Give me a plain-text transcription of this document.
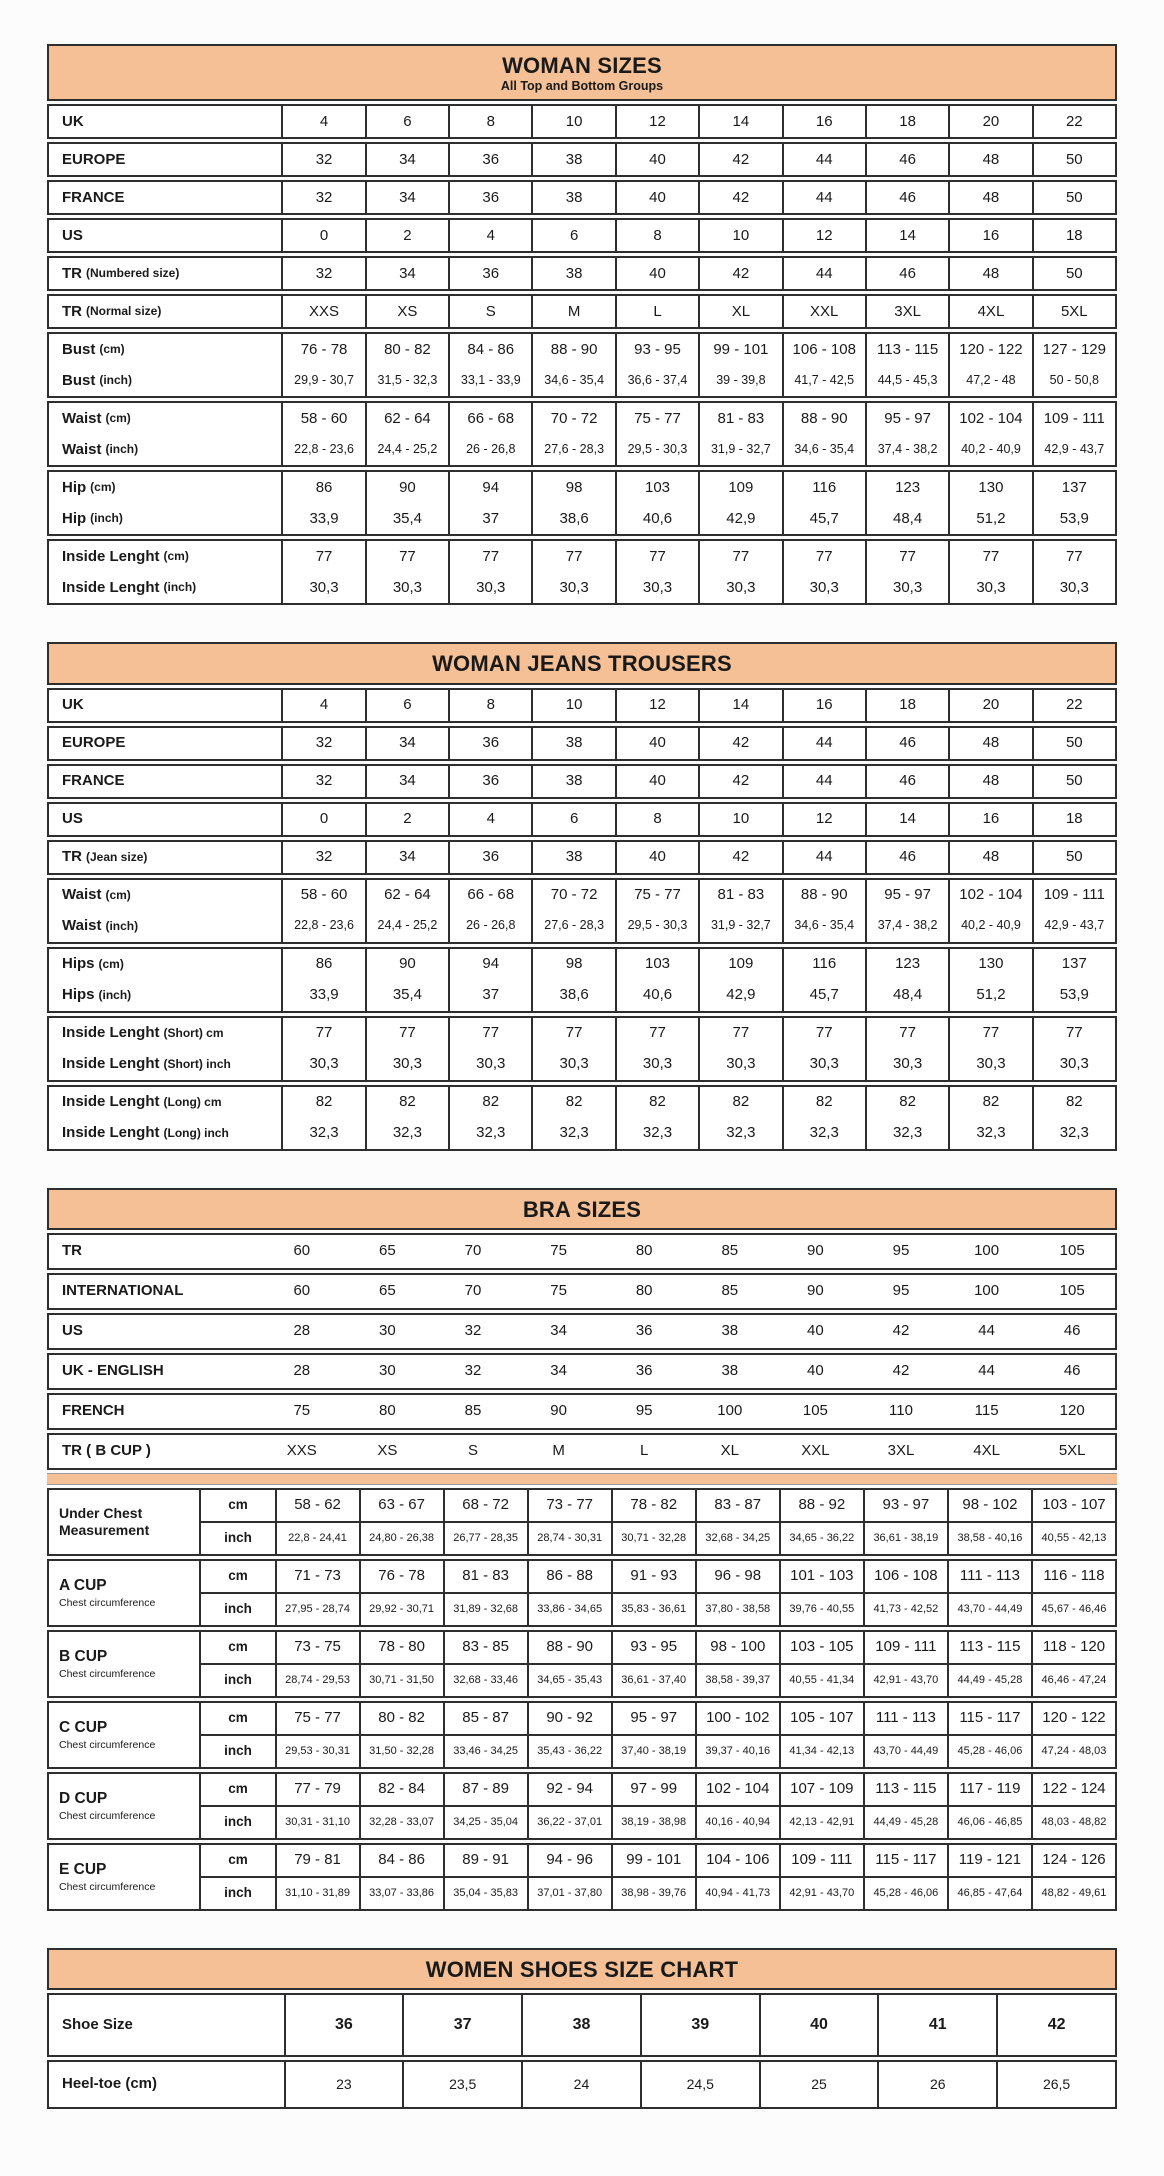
WOMAN SIZES
All Top and Bottom Groups
UK	4	6	8	10	12	14	16	18	20	22
EUROPE	32	34	36	38	40	42	44	46	48	50
FRANCE	32	34	36	38	40	42	44	46	48	50
US	0	2	4	6	8	10	12	14	16	18
TR (Numbered size)	32	34	36	38	40	42	44	46	48	50
TR (Normal size)	XXS	XS	S	M	L	XL	XXL	3XL	4XL	5XL
Bust (cm)	76 - 78	80 - 82	84 - 86	88 - 90	93 - 95	99 - 101	106 - 108	113 - 115	120 - 122	127 - 129
Bust (inch)	29,9 - 30,7	31,5 - 32,3	33,1 - 33,9	34,6 - 35,4	36,6 - 37,4	39 - 39,8	41,7 - 42,5	44,5 - 45,3	47,2 - 48	50 - 50,8
Waist (cm)	58 - 60	62 - 64	66 - 68	70 - 72	75 - 77	81 - 83	88 - 90	95 - 97	102 - 104	109 - 111
Waist (inch)	22,8 - 23,6	24,4 - 25,2	26 - 26,8	27,6 - 28,3	29,5 - 30,3	31,9 - 32,7	34,6 - 35,4	37,4 - 38,2	40,2 - 40,9	42,9 - 43,7
Hip (cm)	86	90	94	98	103	109	116	123	130	137
Hip (inch)	33,9	35,4	37	38,6	40,6	42,9	45,7	48,4	51,2	53,9
Inside Lenght (cm)	77	77	77	77	77	77	77	77	77	77
Inside Lenght (inch)	30,3	30,3	30,3	30,3	30,3	30,3	30,3	30,3	30,3	30,3
WOMAN JEANS TROUSERS
UK	4	6	8	10	12	14	16	18	20	22
EUROPE	32	34	36	38	40	42	44	46	48	50
FRANCE	32	34	36	38	40	42	44	46	48	50
US	0	2	4	6	8	10	12	14	16	18
TR (Jean size)	32	34	36	38	40	42	44	46	48	50
Waist (cm)	58 - 60	62 - 64	66 - 68	70 - 72	75 - 77	81 - 83	88 - 90	95 - 97	102 - 104	109 - 111
Waist (inch)	22,8 - 23,6	24,4 - 25,2	26 - 26,8	27,6 - 28,3	29,5 - 30,3	31,9 - 32,7	34,6 - 35,4	37,4 - 38,2	40,2 - 40,9	42,9 - 43,7
Hips (cm)	86	90	94	98	103	109	116	123	130	137
Hips (inch)	33,9	35,4	37	38,6	40,6	42,9	45,7	48,4	51,2	53,9
Inside Lenght (Short) cm	77	77	77	77	77	77	77	77	77	77
Inside Lenght (Short) inch	30,3	30,3	30,3	30,3	30,3	30,3	30,3	30,3	30,3	30,3
Inside Lenght (Long) cm	82	82	82	82	82	82	82	82	82	82
Inside Lenght (Long) inch	32,3	32,3	32,3	32,3	32,3	32,3	32,3	32,3	32,3	32,3
BRA SIZES
TR	60	65	70	75	80	85	90	95	100	105
INTERNATIONAL	60	65	70	75	80	85	90	95	100	105
US	28	30	32	34	36	38	40	42	44	46
UK - ENGLISH	28	30	32	34	36	38	40	42	44	46
FRENCH	75	80	85	90	95	100	105	110	115	120
TR ( B CUP )	XXS	XS	S	M	L	XL	XXL	3XL	4XL	5XL
Under Chest
Measurement
cm	58 - 62	63 - 67	68 - 72	73 - 77	78 - 82	83 - 87	88 - 92	93 - 97	98 - 102	103 - 107
inch	22,8 - 24,41	24,80 - 26,38	26,77 - 28,35	28,74 - 30,31	30,71 - 32,28	32,68 - 34,25	34,65 - 36,22	36,61 - 38,19	38,58 - 40,16	40,55 - 42,13
A CUP
Chest circumference
cm	71 - 73	76 - 78	81 - 83	86 - 88	91 - 93	96 - 98	101 - 103	106 - 108	111 - 113	116 - 118
inch	27,95 - 28,74	29,92 - 30,71	31,89 - 32,68	33,86 - 34,65	35,83 - 36,61	37,80 - 38,58	39,76 - 40,55	41,73 - 42,52	43,70 - 44,49	45,67 - 46,46
B CUP
Chest circumference
cm	73 - 75	78 - 80	83 - 85	88 - 90	93 - 95	98 - 100	103 - 105	109 - 111	113 - 115	118 - 120
inch	28,74 - 29,53	30,71 - 31,50	32,68 - 33,46	34,65 - 35,43	36,61 - 37,40	38,58 - 39,37	40,55 - 41,34	42,91 - 43,70	44,49 - 45,28	46,46 - 47,24
C CUP
Chest circumference
cm	75 - 77	80 - 82	85 - 87	90 - 92	95 - 97	100 - 102	105 - 107	111 - 113	115 - 117	120 - 122
inch	29,53 - 30,31	31,50 - 32,28	33,46 - 34,25	35,43 - 36,22	37,40 - 38,19	39,37 - 40,16	41,34 - 42,13	43,70 - 44,49	45,28 - 46,06	47,24 - 48,03
D CUP
Chest circumference
cm	77 - 79	82 - 84	87 - 89	92 - 94	97 - 99	102 - 104	107 - 109	113 - 115	117 - 119	122 - 124
inch	30,31 - 31,10	32,28 - 33,07	34,25 - 35,04	36,22 - 37,01	38,19 - 38,98	40,16 - 40,94	42,13 - 42,91	44,49 - 45,28	46,06 - 46,85	48,03 - 48,82
E CUP
Chest circumference
cm	79 - 81	84 - 86	89 - 91	94 - 96	99 - 101	104 - 106	109 - 111	115 - 117	119 - 121	124 - 126
inch	31,10 - 31,89	33,07 - 33,86	35,04 - 35,83	37,01 - 37,80	38,98 - 39,76	40,94 - 41,73	42,91 - 43,70	45,28 - 46,06	46,85 - 47,64	48,82 - 49,61
WOMEN SHOES SIZE CHART
Shoe Size	36	37	38	39	40	41	42
Heel-toe (cm)	23	23,5	24	24,5	25	26	26,5
